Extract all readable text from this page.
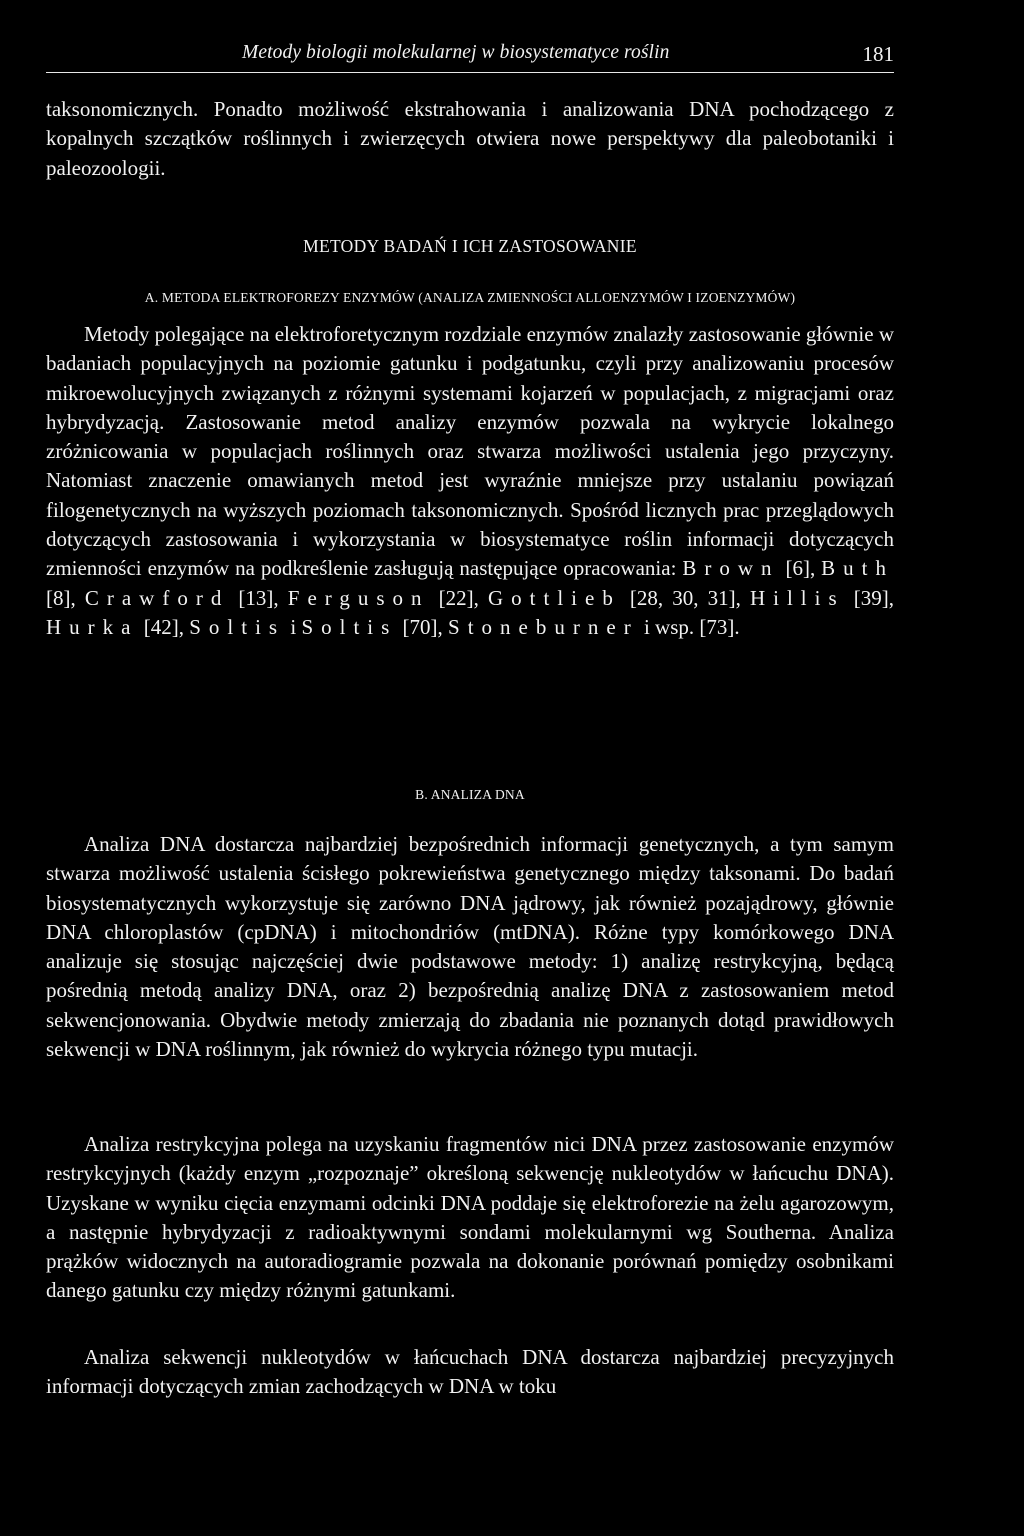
Metody biologii molekularnej w biosystematyce roślin	181

taksonomicznych. Ponadto możliwość ekstrahowania i analizowania DNA pochodzącego z kopalnych szczątków roślinnych i zwierzęcych otwiera nowe perspektywy dla paleobotaniki i paleozoologii.

METODY BADAŃ I ICH ZASTOSOWANIE
A. METODA ELEKTROFOREZY ENZYMÓW (ANALIZA ZMIENNOŚCI ALLOENZYMÓW I IZOENZYMÓW)

Metody polegające na elektroforetycznym rozdziale enzymów znalazły zastosowanie głównie w badaniach populacyjnych na poziomie gatunku i podgatunku, czyli przy analizowaniu procesów mikroewolucyjnych związanych z różnymi systemami kojarzeń w populacjach, z migracjami oraz hybrydyzacją. Zastosowanie metod analizy enzymów pozwala na wykrycie lokalnego zróżnicowania w populacjach roślinnych oraz stwarza możliwości ustalenia jego przyczyny. Natomiast znaczenie omawianych metod jest wyraźnie mniejsze przy ustalaniu powiązań filogenetycznych na wyższych poziomach taksonomicznych. Spośród licznych prac przeglądowych dotyczących zastosowania i wykorzystania w biosystematyce roślin informacji dotyczących zmienności enzymów na podkreślenie zasługują następujące opracowania: Brown [6], Buth [8], Crawford [13], Ferguson [22], Gottlieb [28, 30, 31], Hillis [39], Hurka [42], Soltis i Soltis [70], Stoneburner i wsp. [73].

B. ANALIZA DNA

Analiza DNA dostarcza najbardziej bezpośrednich informacji genetycznych, a tym samym stwarza możliwość ustalenia ścisłego pokrewieństwa genetycznego między taksonami. Do badań biosystematycznych wykorzystuje się zarówno DNA jądrowy, jak również pozajądrowy, głównie DNA chloroplastów (cpDNA) i mitochondriów (mtDNA). Różne typy komórkowego DNA analizuje się stosując najczęściej dwie podstawowe metody: 1) analizę restrykcyjną, będącą pośrednią metodą analizy DNA, oraz 2) bezpośrednią analizę DNA z zastosowaniem metod sekwencjonowania. Obydwie metody zmierzają do zbadania nie poznanych dotąd prawidłowych sekwencji w DNA roślinnym, jak również do wykrycia różnego typu mutacji.

Analiza restrykcyjna polega na uzyskaniu fragmentów nici DNA przez zastosowanie enzymów restrykcyjnych (każdy enzym „rozpoznaje” określoną sekwencję nukleotydów w łańcuchu DNA). Uzyskane w wyniku cięcia enzymami odcinki DNA poddaje się elektroforezie na żelu agarozowym, a następnie hybrydyzacji z radioaktywnymi sondami molekularnymi wg Southerna. Analiza prążków widocznych na autoradiogramie pozwala na dokonanie porównań pomiędzy osobnikami danego gatunku czy między różnymi gatunkami.

Analiza sekwencji nukleotydów w łańcuchach DNA dostarcza najbardziej precyzyjnych informacji dotyczących zmian zachodzących w DNA w toku
